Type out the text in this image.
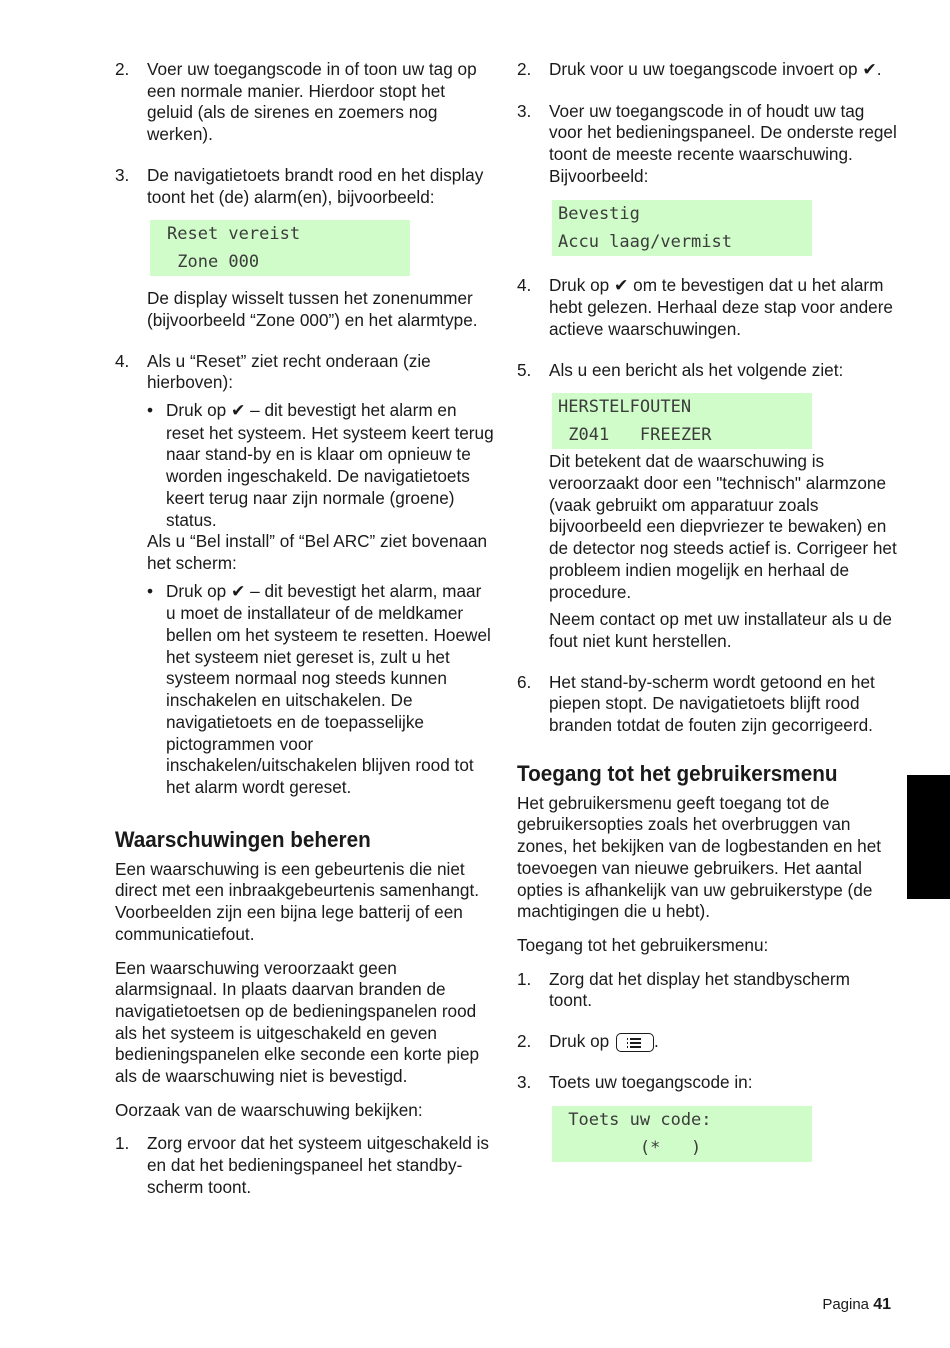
2. Voer uw toegangscode in of toon uw tag op een normale manier. Hierdoor stopt het geluid (als de sirenes en zoemers nog werken).

3. De navigatietoets brandt rood en het display toont het (de) alarm(en), bijvoorbeeld:

Reset vereist
Zone 000

De display wisselt tussen het zonenummer (bijvoorbeeld “Zone 000”) en het alarmtype.

4. Als u “Reset” ziet recht onderaan (zie hierboven):

• Druk op ✔ – dit bevestigt het alarm en reset het systeem. Het systeem keert terug naar stand-by en is klaar om opnieuw te worden ingeschakeld. De navigatietoets keert terug naar zijn normale (groene) status.

Als u “Bel install” of “Bel ARC” ziet bovenaan het scherm:

• Druk op ✔ – dit bevestigt het alarm, maar u moet de installateur of de meldkamer bellen om het systeem te resetten. Hoewel het systeem niet gereset is, zult u het systeem normaal nog steeds kunnen inschakelen en uitschakelen. De navigatietoets en de toepasselijke pictogrammen voor inschakelen/uitschakelen blijven rood tot het alarm wordt gereset.
Waarschuwingen beheren

Een waarschuwing is een gebeurtenis die niet direct met een inbraakgebeurtenis samenhangt. Voorbeelden zijn een bijna lege batterij of een communicatiefout.

Een waarschuwing veroorzaakt geen alarmsignaal. In plaats daarvan branden de navigatietoetsen op de bedieningspanelen rood als het systeem is uitgeschakeld en geven bedieningspanelen elke seconde een korte piep als de waarschuwing niet is bevestigd.

Oorzaak van de waarschuwing bekijken:

1. Zorg ervoor dat het systeem uitgeschakeld is en dat het bedieningspaneel het standby-scherm toont.

2. Druk voor u uw toegangscode invoert op ✔.

3. Voer uw toegangscode in of houdt uw tag voor het bedieningspaneel. De onderste regel toont de meeste recente waarschuwing. Bijvoorbeeld:

Bevestig
Accu laag/vermist
4. Druk op ✔ om te bevestigen dat u het alarm hebt gelezen. Herhaal deze stap voor andere actieve waarschuwingen.

5. Als u een bericht als het volgende ziet:

HERSTELFOUTEN
Z041   FREEZER

Dit betekent dat de waarschuwing is veroorzaakt door een "technisch" alarmzone (vaak gebruikt om apparatuur zoals bijvoorbeeld een diepvriezer te bewaken) en de detector nog steeds actief is. Corrigeer het probleem indien mogelijk en herhaal de procedure.

Neem contact op met uw installateur als u de fout niet kunt herstellen.

6. Het stand-by-scherm wordt getoond en het piepen stopt. De navigatietoets blijft rood branden totdat de fouten zijn gecorrigeerd.

Toegang tot het gebruikersmenu

Het gebruikersmenu geeft toegang tot de gebruikersopties zoals het overbruggen van zones, het bekijken van de logbestanden en het toevoegen van nieuwe gebruikers. Het aantal opties is afhankelijk van uw gebruikerstype (de machtigingen die u hebt).

Toegang tot het gebruikersmenu:

1. Zorg dat het display het standbyscherm toont.

2. Druk op	.

3. Toets uw toegangscode in:

Toets uw code:
(*   )
Pagina 41
